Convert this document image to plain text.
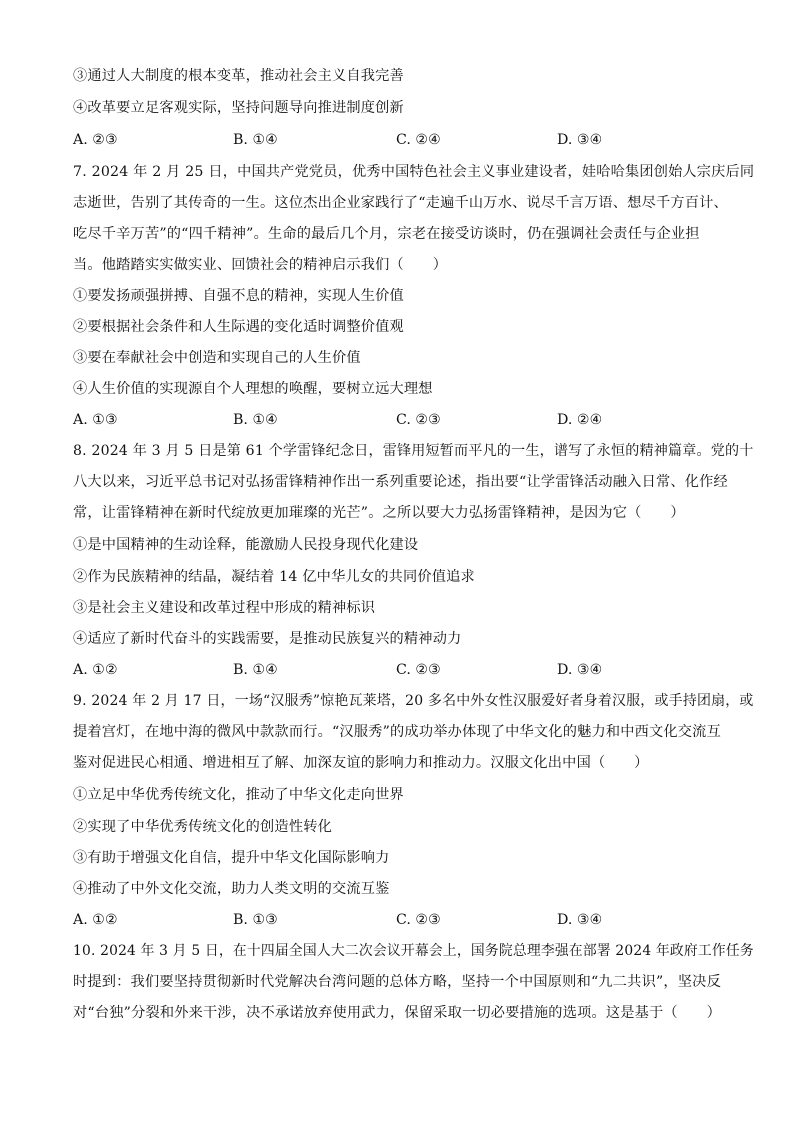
③通过人大制度的根本变革，推动社会主义自我完善
④改革要立足客观实际，坚持问题导向推进制度创新
A. ②③	B. ①④	C. ②④	D. ③④
7. 2024 年 2 月 25 日，中国共产党党员，优秀中国特色社会主义事业建设者，娃哈哈集团创始人宗庆后同
志逝世，告别了其传奇的一生。这位杰出企业家践行了“走遍千山万水、说尽千言万语、想尽千方百计、
吃尽千辛万苦”的“四千精神”。生命的最后几个月，宗老在接受访谈时，仍在强调社会责任与企业担
当。他踏踏实实做实业、回馈社会的精神启示我们（　　）
①要发扬顽强拼搏、自强不息的精神，实现人生价值
②要根据社会条件和人生际遇的变化适时调整价值观
③要在奉献社会中创造和实现自己的人生价值
④人生价值的实现源自个人理想的唤醒，要树立远大理想
A. ①③	B. ①④	C. ②③	D. ②④
8. 2024 年 3 月 5 日是第 61 个学雷锋纪念日，雷锋用短暂而平凡的一生，谱写了永恒的精神篇章。党的十
八大以来，习近平总书记对弘扬雷锋精神作出一系列重要论述，指出要“让学雷锋活动融入日常、化作经
常，让雷锋精神在新时代绽放更加璀璨的光芒”。之所以要大力弘扬雷锋精神，是因为它（　　）
①是中国精神的生动诠释，能激励人民投身现代化建设
②作为民族精神的结晶，凝结着 14 亿中华儿女的共同价值追求
③是社会主义建设和改革过程中形成的精神标识
④适应了新时代奋斗的实践需要，是推动民族复兴的精神动力
A. ①②	B. ①④	C. ②③	D. ③④
9. 2024 年 2 月 17 日，一场“汉服秀”惊艳瓦莱塔，20 多名中外女性汉服爱好者身着汉服，或手持团扇，或
提着宫灯，在地中海的微风中款款而行。“汉服秀”的成功举办体现了中华文化的魅力和中西文化交流互
鉴对促进民心相通、增进相互了解、加深友谊的影响力和推动力。汉服文化出中国（　　）
①立足中华优秀传统文化，推动了中华文化走向世界
②实现了中华优秀传统文化的创造性转化
③有助于增强文化自信，提升中华文化国际影响力
④推动了中外文化交流，助力人类文明的交流互鉴
A. ①②	B. ①③	C. ②③	D. ③④
10. 2024 年 3 月 5 日，在十四届全国人大二次会议开幕会上，国务院总理李强在部署 2024 年政府工作任务
时提到：我们要坚持贯彻新时代党解决台湾问题的总体方略，坚持一个中国原则和“九二共识”，坚决反
对“台独”分裂和外来干涉，决不承诺放弃使用武力，保留采取一切必要措施的选项。这是基于（　　）
